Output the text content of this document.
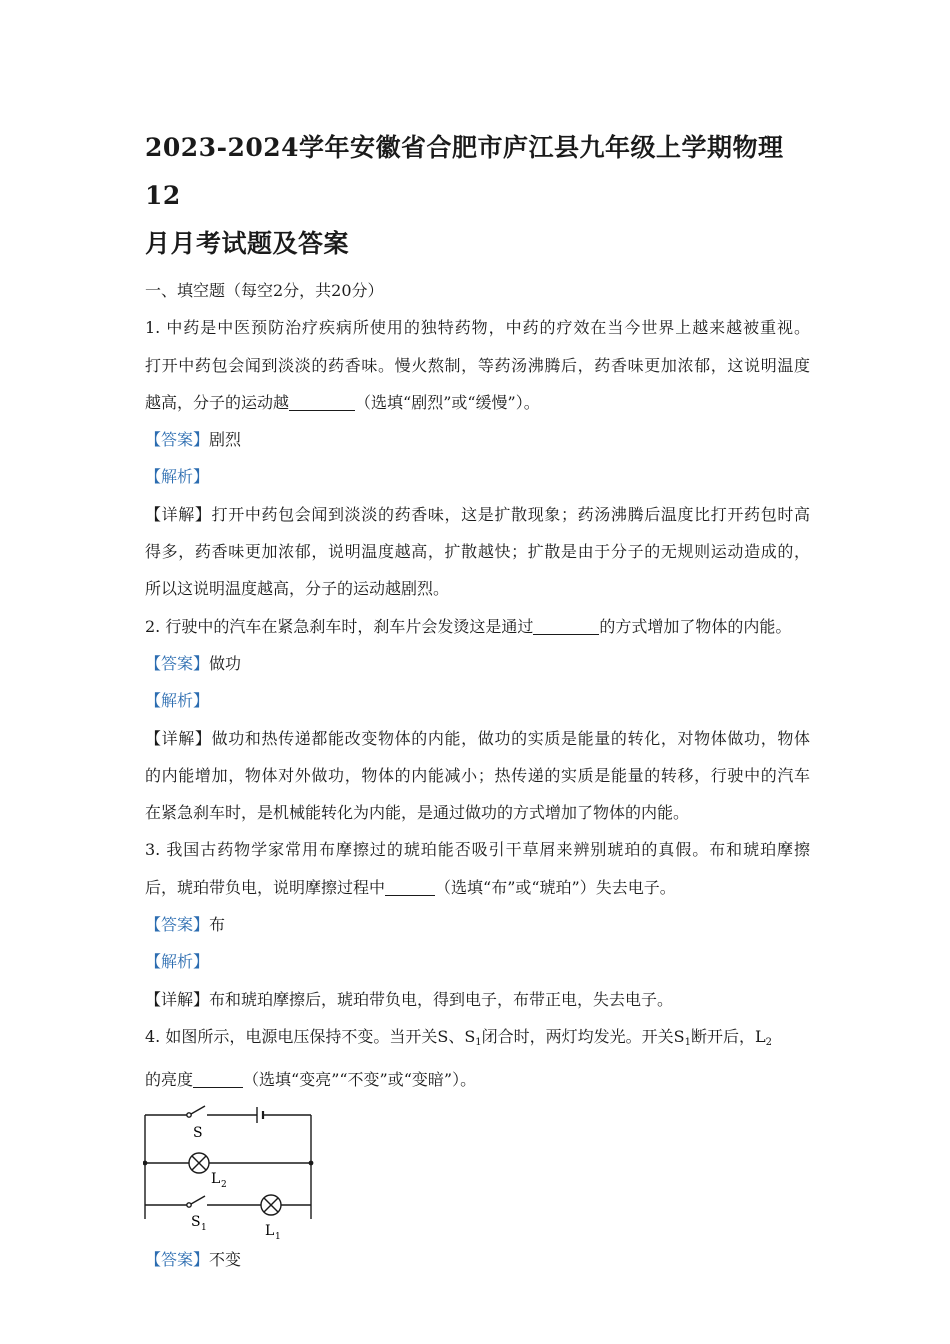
2023-2024学年安徽省合肥市庐江县九年级上学期物理12

月月考试题及答案

一、填空题（每空2分，共20分）

1. 中药是中医预防治疗疾病所使用的独特药物，中药的疗效在当今世界上越来越被重视。

打开中药包会闻到淡淡的药香味。慢火熬制，等药汤沸腾后，药香味更加浓郁，这说明温度

越高，分子的运动越	（选填“剧烈”或“缓慢”）。

【答案】剧烈

【解析】

【详解】打开中药包会闻到淡淡的药香味，这是扩散现象；药汤沸腾后温度比打开药包时高

得多，药香味更加浓郁，说明温度越高，扩散越快；扩散是由于分子的无规则运动造成的，

所以这说明温度越高，分子的运动越剧烈。

2. 行驶中的汽车在紧急刹车时，刹车片会发烫这是通过	的方式增加了物体的内能。

【答案】做功

【解析】

【详解】做功和热传递都能改变物体的内能，做功的实质是能量的转化，对物体做功，物体

的内能增加，物体对外做功，物体的内能减小；热传递的实质是能量的转移，行驶中的汽车

在紧急刹车时，是机械能转化为内能，是通过做功的方式增加了物体的内能。

3. 我国古药物学家常用布摩擦过的琥珀能否吸引干草屑来辨别琥珀的真假。布和琥珀摩擦

后，琥珀带负电，说明摩擦过程中	（选填“布”或“琥珀”）失去电子。

【答案】布

【解析】

【详解】布和琥珀摩擦后，琥珀带负电，得到电子，布带正电，失去电子。

4. 如图所示，电源电压保持不变。当开关S、$S_1$闭合时，两灯均发光。开关$S_1$断开后，$L_2$

的亮度	（选填“变亮”“不变”或“变暗”）。

S
L 2
S 1	L 1

【答案】不变
